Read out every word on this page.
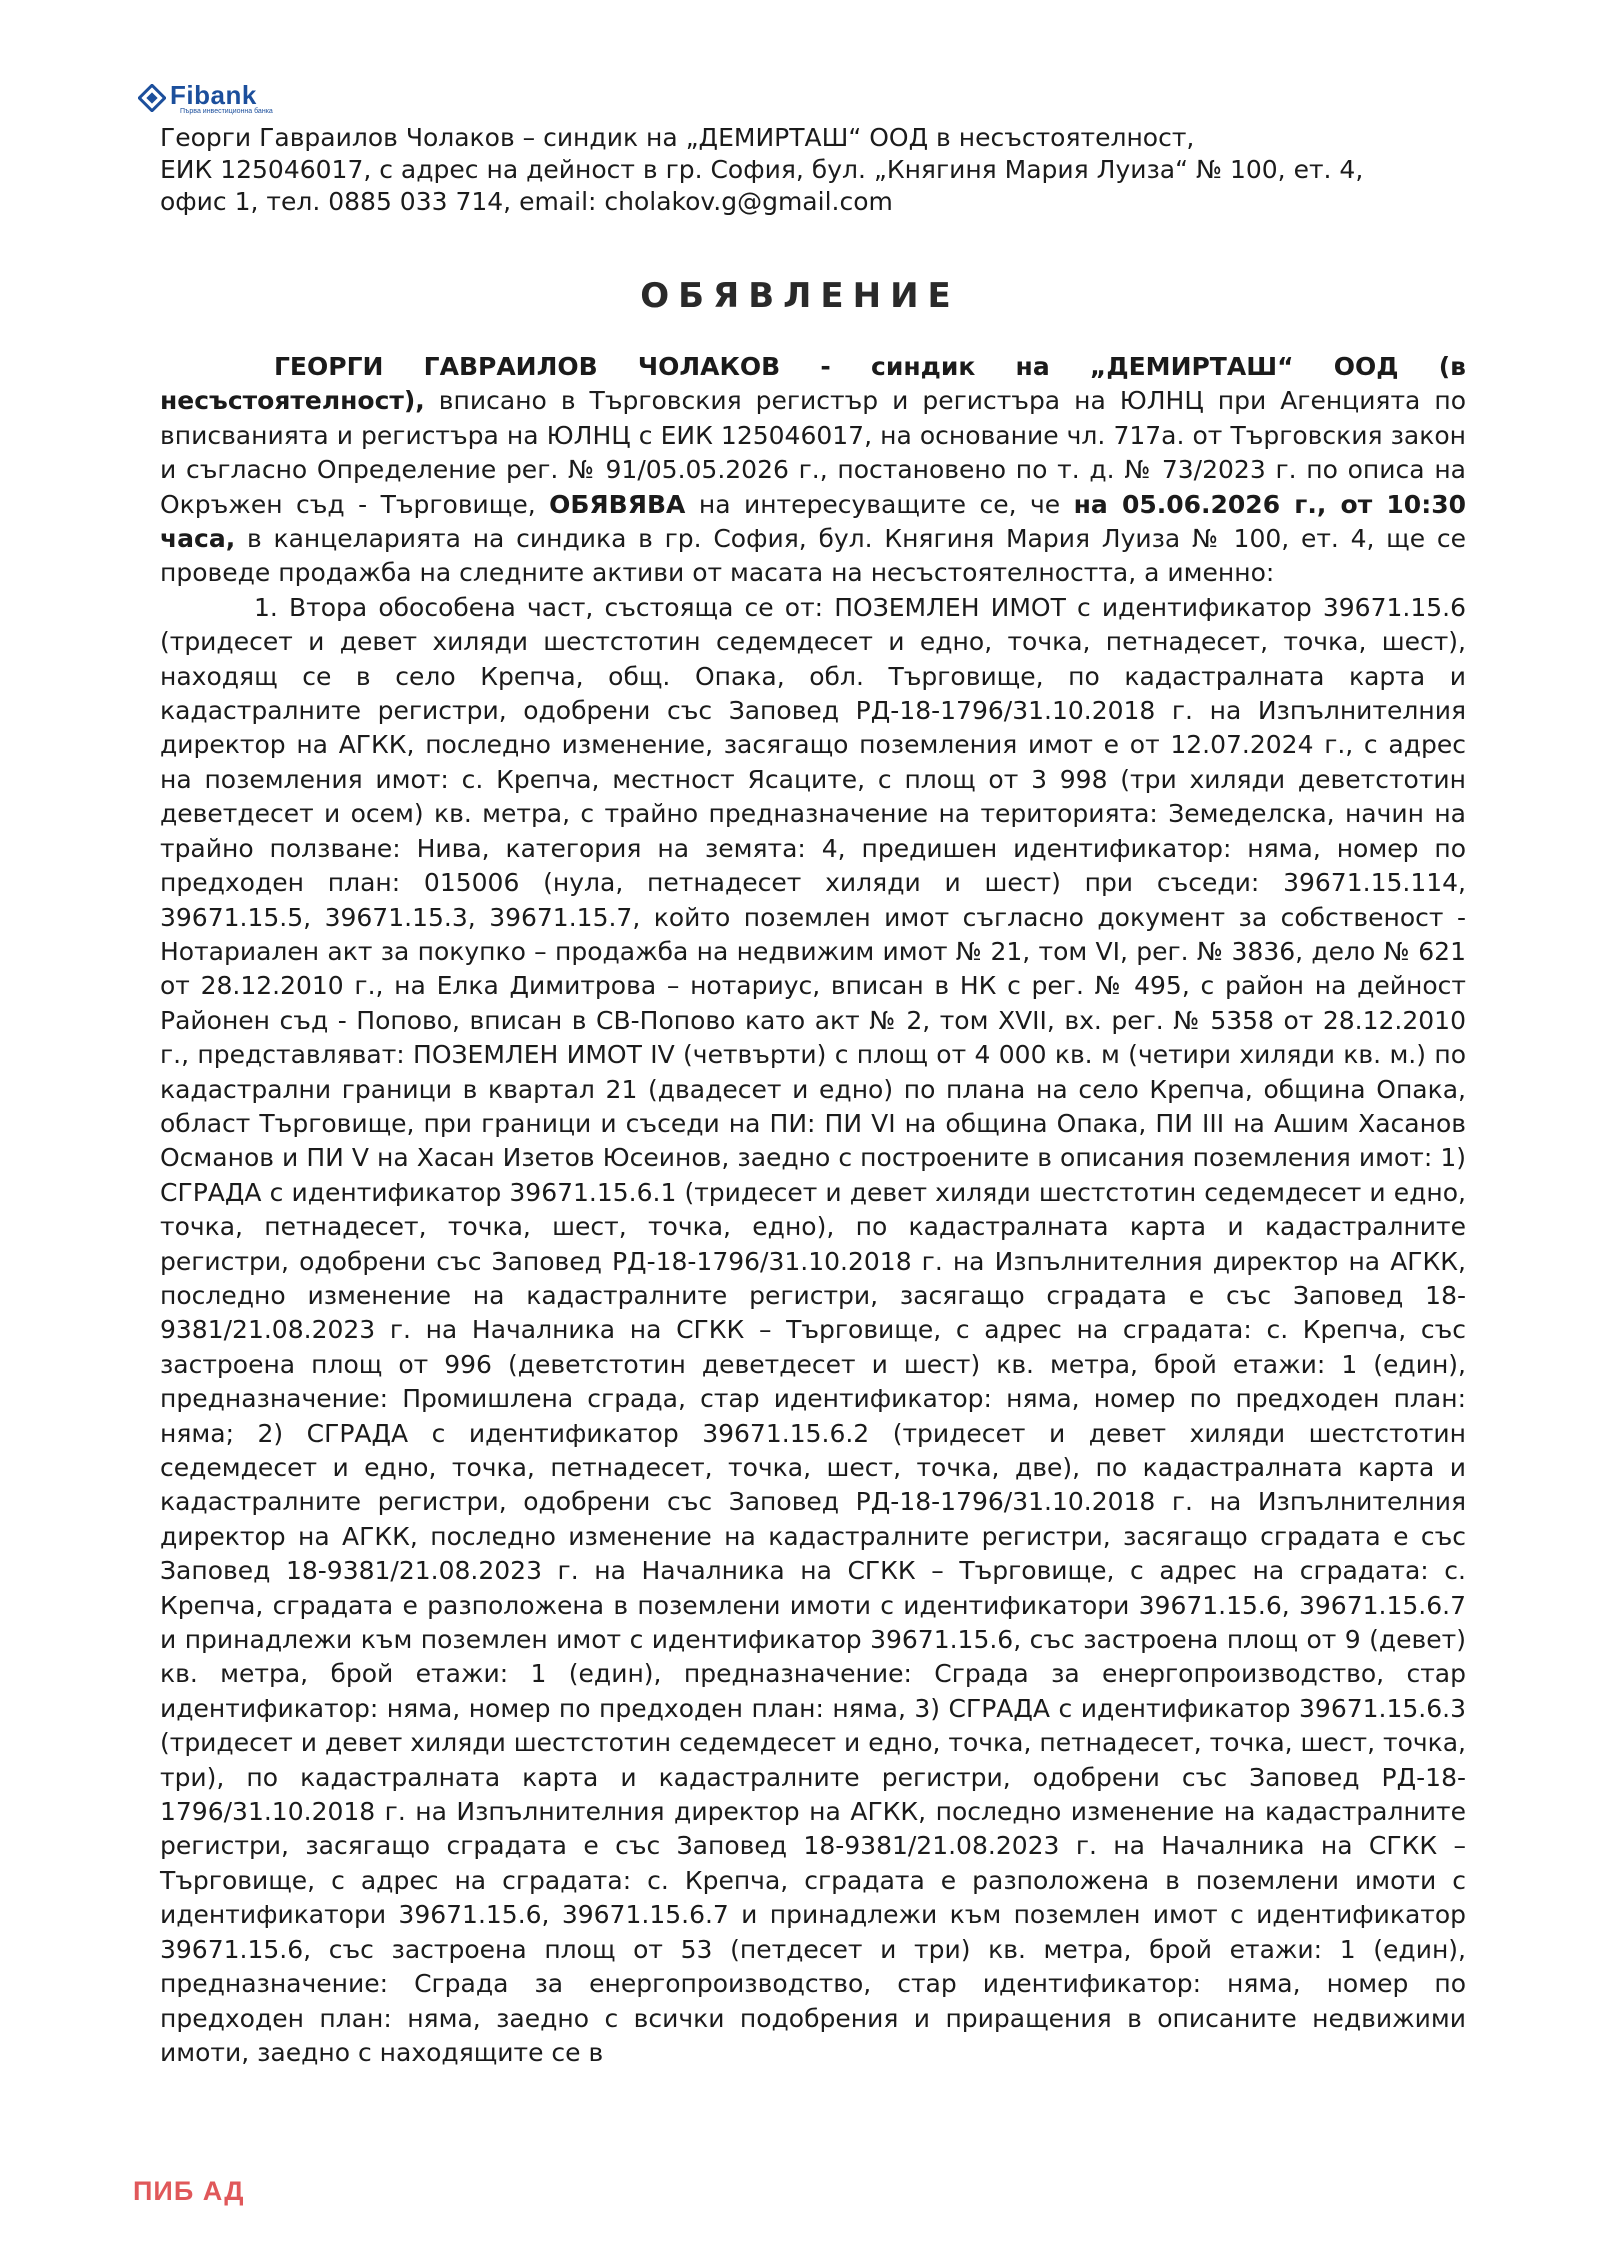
Fibank
Първа инвестиционна банка

Георги Гавраилов Чолаков – синдик на „ДЕМИРТАШ“ ООД в несъстоятелност,

ЕИК 125046017, с адрес на дейност в гр. София, бул. „Княгиня Мария Луиза“ № 100, ет. 4,

офис 1, тел. 0885 033 714, email: cholakov.g@gmail.com

ОБЯВЛЕНИЕ

ГЕОРГИ ГАВРАИЛОВ ЧОЛАКОВ - синдик на „ДЕМИРТАШ“ ООД (в несъстоятелност), вписано в Търговския регистър и регистъра на ЮЛНЦ при Агенцията по вписванията и регистъра на ЮЛНЦ с ЕИК 125046017, на основание чл. 717а. от Търговския закон и съгласно Определение рег. № 91/05.05.2026 г., постановено по т. д. № 73/2023 г. по описа на Окръжен съд - Търговище, ОБЯВЯВА на интересуващите се, че на 05.06.2026 г., от 10:30 часа, в канцеларията на синдика в гр. София, бул. Княгиня Мария Луиза № 100, ет. 4, ще се проведе продажба на следните активи от масата на несъстоятелността, а именно:

1. Втора обособена част, състояща се от: ПОЗЕМЛЕН ИМОТ с идентификатор 39671.15.6 (тридесет и девет хиляди шестстотин седемдесет и едно, точка, петнадесет, точка, шест), находящ се в село Крепча, общ. Опака, обл. Търговище, по кадастралната карта и кадастралните регистри, одобрени със Заповед РД-18-1796/31.10.2018 г. на Изпълнителния директор на АГКК, последно изменение, засягащо поземления имот е от 12.07.2024 г., с адрес на поземления имот: с. Крепча, местност Ясаците, с площ от 3 998 (три хиляди деветстотин деветдесет и осем) кв. метра, с трайно предназначение на територията: Земеделска, начин на трайно ползване: Нива, категория на земята: 4, предишен идентификатор: няма, номер по предходен план: 015006 (нула, петнадесет хиляди и шест) при съседи: 39671.15.114, 39671.15.5, 39671.15.3, 39671.15.7, който поземлен имот съгласно документ за собственост - Нотариален акт за покупко – продажба на недвижим имот № 21, том VI, рег. № 3836, дело № 621 от 28.12.2010 г., на Елка Димитрова – нотариус, вписан в НК с рег. № 495, с район на дейност Районен съд - Попово, вписан в СВ-Попово като акт № 2, том XVII, вх. рег. № 5358 от 28.12.2010 г., представляват: ПОЗЕМЛЕН ИМОТ IV (четвърти) с площ от 4 000 кв. м (четири хиляди кв. м.) по кадастрални граници в квартал 21 (двадесет и едно) по плана на село Крепча, община Опака, област Търговище, при граници и съседи на ПИ: ПИ VI на община Опака, ПИ III на Ашим Хасанов Османов и ПИ V на Хасан Изетов Юсеинов, заедно с построените в описания поземления имот: 1) СГРАДА с идентификатор 39671.15.6.1 (тридесет и девет хиляди шестстотин седемдесет и едно, точка, петнадесет, точка, шест, точка, едно), по кадастралната карта и кадастралните регистри, одобрени със Заповед РД-18-1796/31.10.2018 г. на Изпълнителния директор на АГКК, последно изменение на кадастралните регистри, засягащо сградата е със Заповед 18-9381/21.08.2023 г. на Началника на СГКК – Търговище, с адрес на сградата: с. Крепча, със застроена площ от 996 (деветстотин деветдесет и шест) кв. метра, брой етажи: 1 (един), предназначение: Промишлена сграда, стар идентификатор: няма, номер по предходен план: няма; 2) СГРАДА с идентификатор 39671.15.6.2 (тридесет и девет хиляди шестстотин седемдесет и едно, точка, петнадесет, точка, шест, точка, две), по кадастралната карта и кадастралните регистри, одобрени със Заповед РД-18-1796/31.10.2018 г. на Изпълнителния директор на АГКК, последно изменение на кадастралните регистри, засягащо сградата е със Заповед 18-9381/21.08.2023 г. на Началника на СГКК – Търговище, с адрес на сградата: с. Крепча, сградата е разположена в поземлени имоти с идентификатори 39671.15.6, 39671.15.6.7 и принадлежи към поземлен имот с идентификатор 39671.15.6, със застроена площ от 9 (девет) кв. метра, брой етажи: 1 (един), предназначение: Сграда за енергопроизводство, стар идентификатор: няма, номер по предходен план: няма, 3) СГРАДА с идентификатор 39671.15.6.3 (тридесет и девет хиляди шестстотин седемдесет и едно, точка, петнадесет, точка, шест, точка, три), по кадастралната карта и кадастралните регистри, одобрени със Заповед РД-18-1796/31.10.2018 г. на Изпълнителния директор на АГКК, последно изменение на кадастралните регистри, засягащо сградата е със Заповед 18-9381/21.08.2023 г. на Началника на СГКК – Търговище, с адрес на сградата: с. Крепча, сградата е разположена в поземлени имоти с идентификатори 39671.15.6, 39671.15.6.7 и принадлежи към поземлен имот с идентификатор 39671.15.6, със застроена площ от 53 (петдесет и три) кв. метра, брой етажи: 1 (един), предназначение: Сграда за енергопроизводство, стар идентификатор: няма, номер по предходен план: няма, заедно с всички подобрения и приращения в описаните недвижими имоти, заедно с находящите се в

ПИБ АД
